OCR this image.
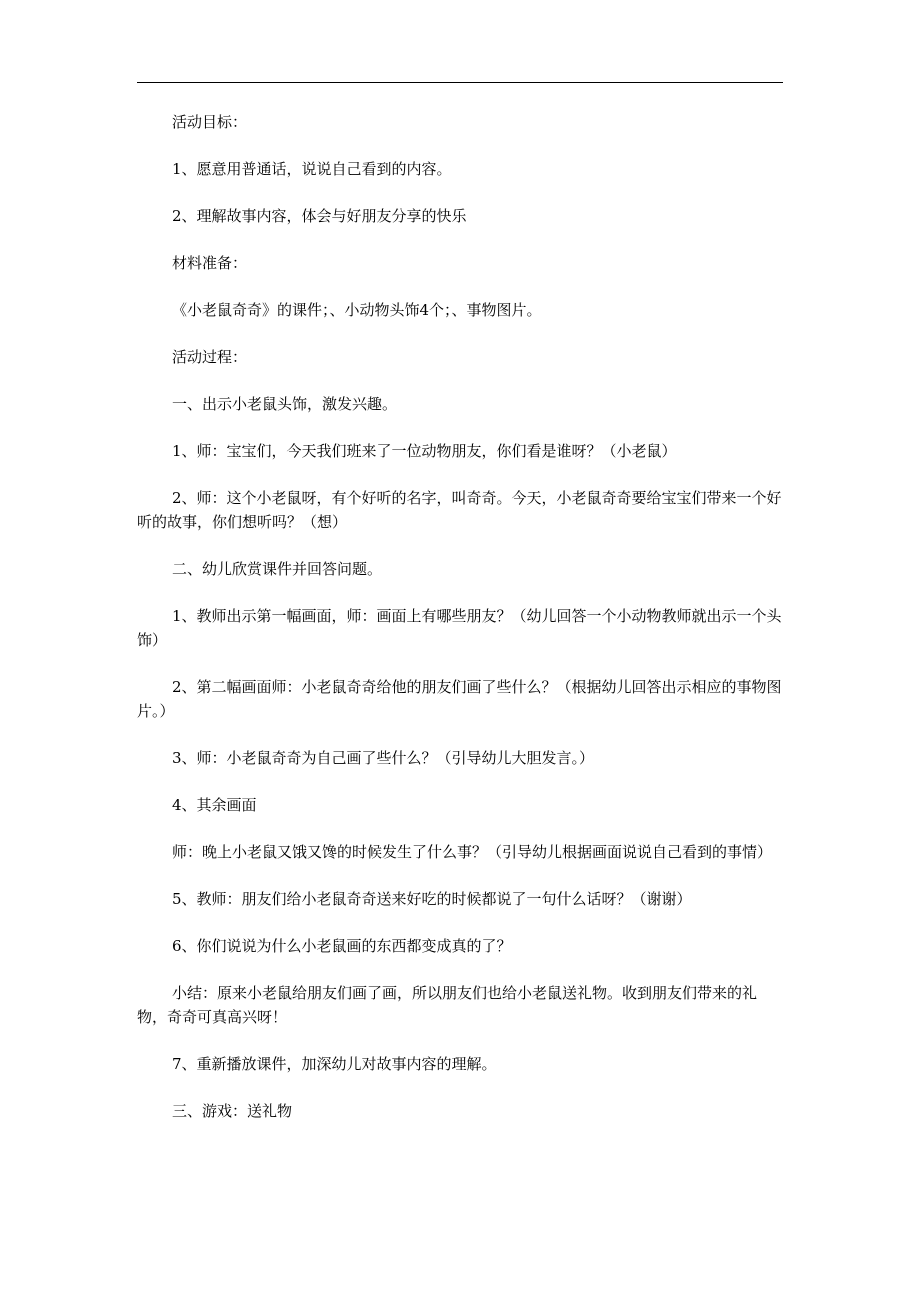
活动目标：

1、愿意用普通话，说说自己看到的内容。

2、理解故事内容，体会与好朋友分享的快乐

材料准备：

《小老鼠奇奇》的课件；、小动物头饰4个；、事物图片。

活动过程：

一、出示小老鼠头饰，激发兴趣。

1、师：宝宝们，今天我们班来了一位动物朋友，你们看是谁呀？（小老鼠）

2、师：这个小老鼠呀，有个好听的名字，叫奇奇。今天，小老鼠奇奇要给宝宝们带来一个好听的故事，你们想听吗？（想）

二、幼儿欣赏课件并回答问题。

1、教师出示第一幅画面，师：画面上有哪些朋友？（幼儿回答一个小动物教师就出示一个头饰）

2、第二幅画面师：小老鼠奇奇给他的朋友们画了些什么？（根据幼儿回答出示相应的事物图片。）

3、师：小老鼠奇奇为自己画了些什么？（引导幼儿大胆发言。）

4、其余画面

师：晚上小老鼠又饿又馋的时候发生了什么事？（引导幼儿根据画面说说自己看到的事情）

5、教师：朋友们给小老鼠奇奇送来好吃的时候都说了一句什么话呀？（谢谢）

6、你们说说为什么小老鼠画的东西都变成真的了？

小结：原来小老鼠给朋友们画了画，所以朋友们也给小老鼠送礼物。收到朋友们带来的礼物，奇奇可真高兴呀！

7、重新播放课件，加深幼儿对故事内容的理解。

三、游戏：送礼物
